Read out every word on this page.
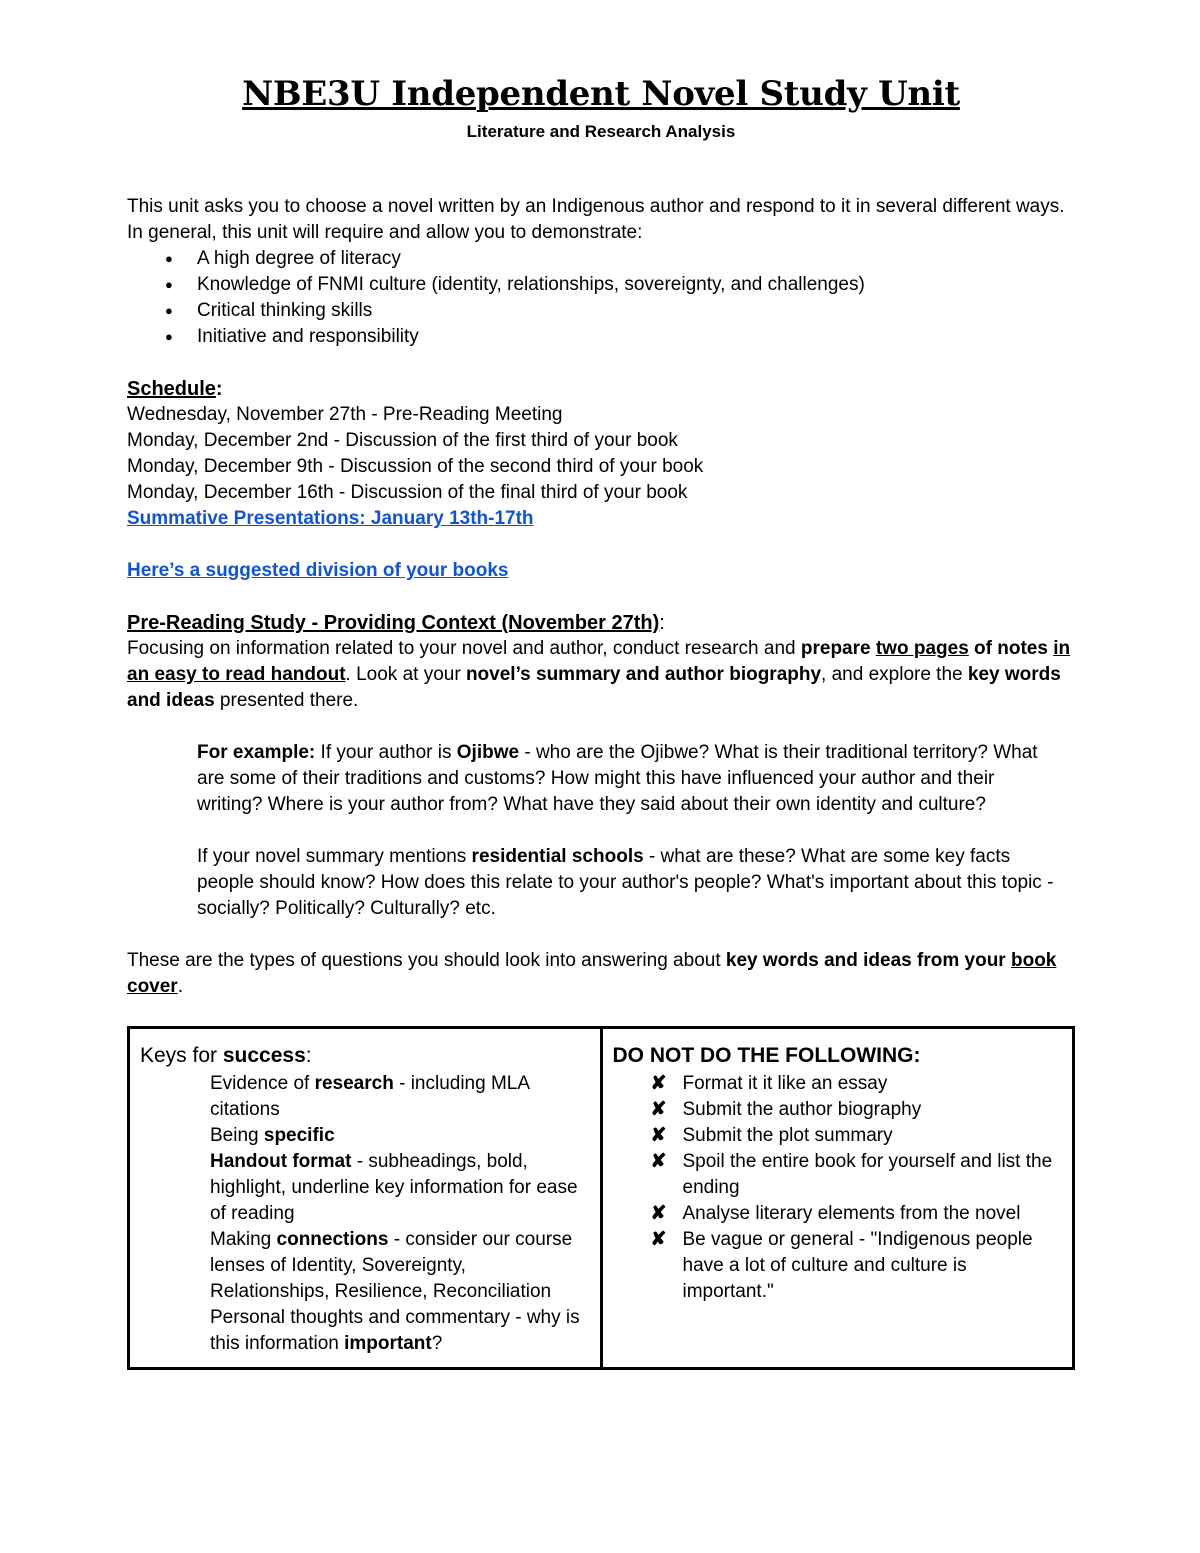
NBE3U Independent Novel Study Unit
Literature and Research Analysis

This unit asks you to choose a novel written by an Indigenous author and respond to it in several different ways. In general, this unit will require and allow you to demonstrate:

● A high degree of literacy
● Knowledge of FNMI culture (identity, relationships, sovereignty, and challenges)
● Critical thinking skills
● Initiative and responsibility
Schedule:

Wednesday, November 27th - Pre-Reading Meeting

Monday, December 2nd - Discussion of the first third of your book

Monday, December 9th - Discussion of the second third of your book

Monday, December 16th - Discussion of the final third of your book

Summative Presentations: January 13th-17th

Here’s a suggested division of your books

Pre-Reading Study - Providing Context (November 27th):

Focusing on information related to your novel and author, conduct research and prepare two pages of notes in an easy to read handout. Look at your novel’s summary and author biography, and explore the key words and ideas presented there.

For example: If your author is Ojibwe - who are the Ojibwe? What is their traditional territory? What are some of their traditions and customs? How might this have influenced your author and their writing? Where is your author from? What have they said about their own identity and culture?

If your novel summary mentions residential schools - what are these? What are some key facts people should know? How does this relate to your author's people? What's important about this topic - socially? Politically? Culturally? etc.

These are the types of questions you should look into answering about key words and ideas from your book cover.

Keys for success:
Evidence of research - including MLA citations
Being specific
Handout format - subheadings, bold, highlight, underline key information for ease of reading
Making connections - consider our course lenses of Identity, Sovereignty, Relationships, Resilience, Reconciliation
Personal thoughts and commentary - why is this information important?

DO NOT DO THE FOLLOWING:
✘ Format it it like an essay
✘ Submit the author biography
✘ Submit the plot summary
✘ Spoil the entire book for yourself and list the ending
✘ Analyse literary elements from the novel
✘ Be vague or general - "Indigenous people have a lot of culture and culture is important."
